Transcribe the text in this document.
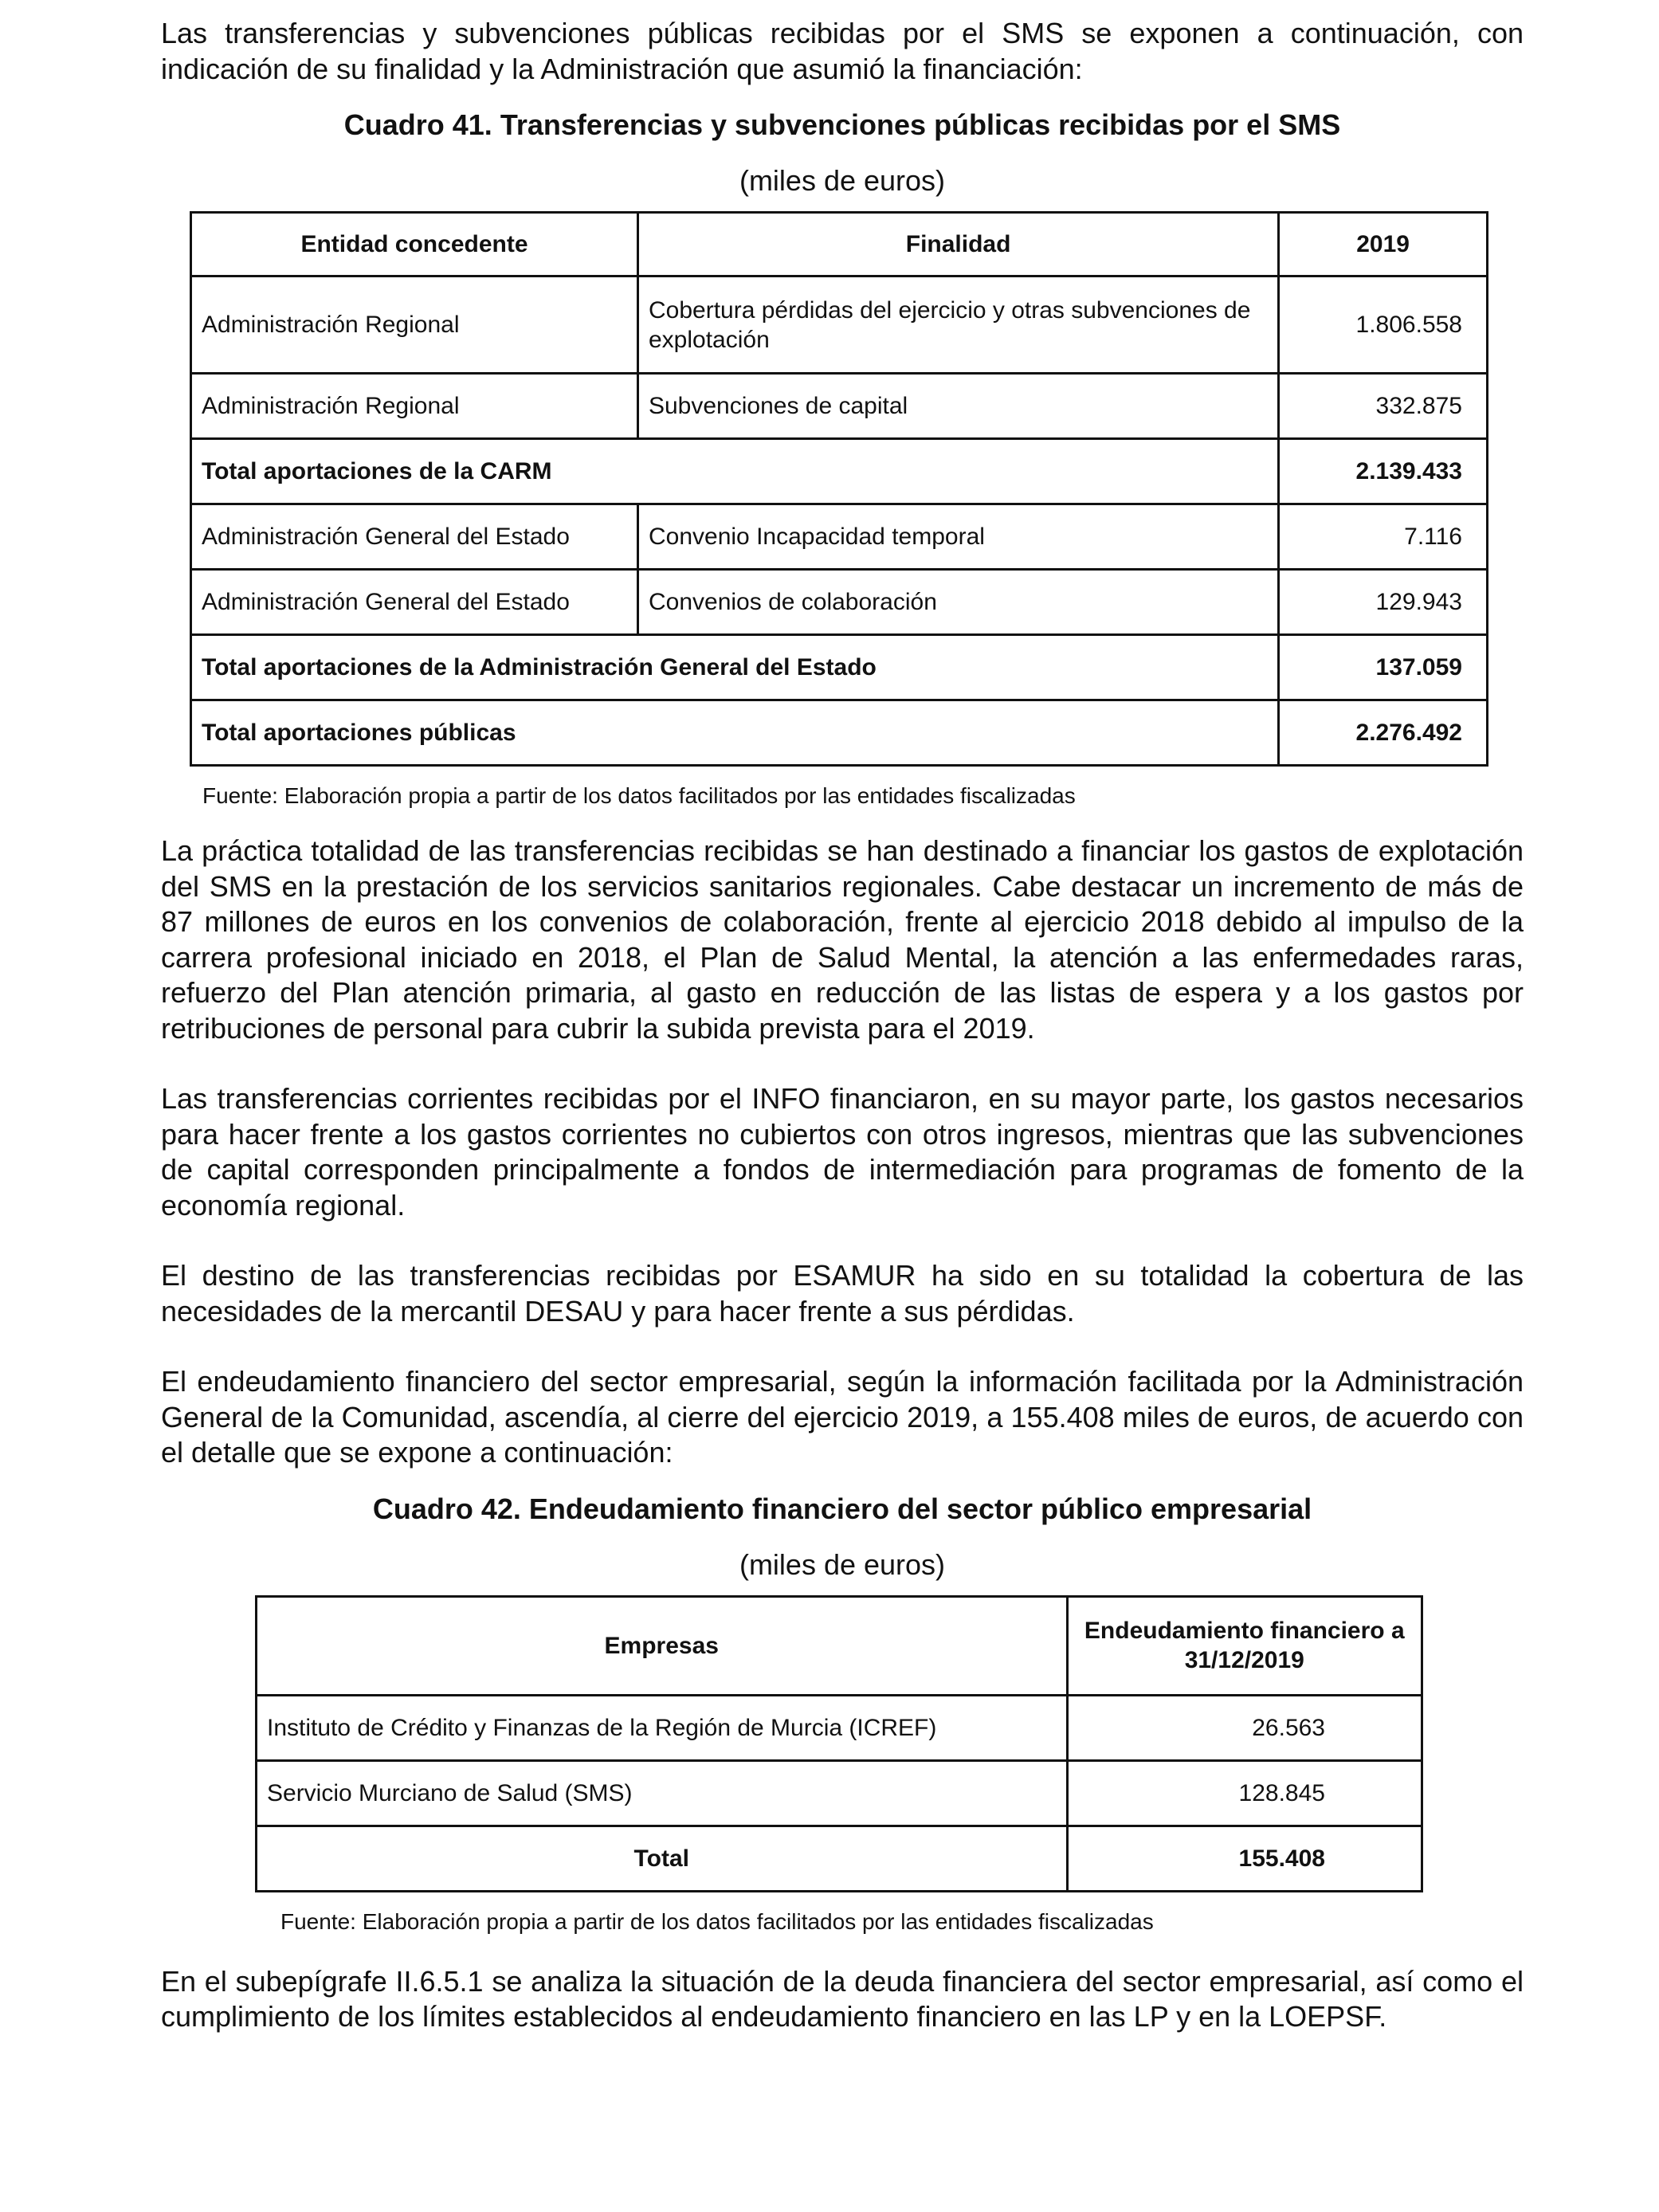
Las transferencias y subvenciones públicas recibidas por el SMS se exponen a continuación, con indicación de su finalidad y la Administración que asumió la financiación:

Cuadro 41. Transferencias y subvenciones públicas recibidas por el SMS

(miles de euros)

Entidad concedente	Finalidad	2019
Administración Regional	Cobertura pérdidas del ejercicio y otras subvenciones de explotación	1.806.558
Administración Regional	Subvenciones de capital	332.875
Total aportaciones de la CARM		2.139.433
Administración General del Estado	Convenio Incapacidad temporal	7.116
Administración General del Estado	Convenios de colaboración	129.943
Total aportaciones de la Administración General del Estado		137.059
Total aportaciones públicas		2.276.492

Fuente: Elaboración propia a partir de los datos facilitados por las entidades fiscalizadas

La práctica totalidad de las transferencias recibidas se han destinado a financiar los gastos de explotación del SMS en la prestación de los servicios sanitarios regionales. Cabe destacar un incremento de más de 87 millones de euros en los convenios de colaboración, frente al ejercicio 2018 debido al impulso de la carrera profesional iniciado en 2018, el Plan de Salud Mental, la atención a las enfermedades raras, refuerzo del Plan atención primaria, al gasto en reducción de las listas de espera y a los gastos por retribuciones de personal para cubrir la subida prevista para el 2019.

Las transferencias corrientes recibidas por el INFO financiaron, en su mayor parte, los gastos necesarios para hacer frente a los gastos corrientes no cubiertos con otros ingresos, mientras que las subvenciones de capital corresponden principalmente a fondos de intermediación para programas de fomento de la economía regional.

El destino de las transferencias recibidas por ESAMUR ha sido en su totalidad la cobertura de las necesidades de la mercantil DESAU y para hacer frente a sus pérdidas.

El endeudamiento financiero del sector empresarial, según la información facilitada por la Administración General de la Comunidad, ascendía, al cierre del ejercicio 2019, a 155.408 miles de euros, de acuerdo con el detalle que se expone a continuación:

Cuadro 42. Endeudamiento financiero del sector público empresarial

(miles de euros)

Empresas	Endeudamiento financiero a 31/12/2019
Instituto de Crédito y Finanzas de la Región de Murcia (ICREF)	26.563
Servicio Murciano de Salud (SMS)	128.845
Total	155.408

Fuente: Elaboración propia a partir de los datos facilitados por las entidades fiscalizadas

En el subepígrafe II.6.5.1 se analiza la situación de la deuda financiera del sector empresarial, así como el cumplimiento de los límites establecidos al endeudamiento financiero en las LP y en la LOEPSF.
